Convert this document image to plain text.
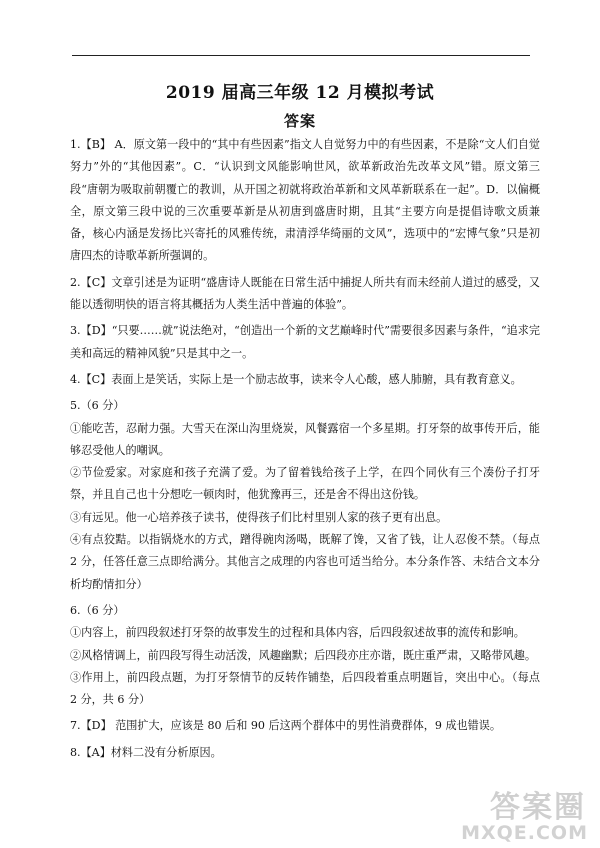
2019 届高三年级 12 月模拟考试
答案

1.【B】 A．原文第一段中的“其中有些因素”指文人自觉努力中的有些因素，不是除“文人们自觉努力”外的“其他因素”。C．“认识到文风能影响世风，欲革新政治先改革文风”错。原文第三段“唐朝为吸取前朝覆亡的教训，从开国之初就将政治革新和文风革新联系在一起”。D．以偏概全，原文第三段中说的三次重要革新是从初唐到盛唐时期，且其“主要方向是提倡诗歌文质兼备，核心内涵是发扬比兴寄托的风雅传统，肃清浮华绮丽的文风”，选项中的“宏博气象”只是初唐四杰的诗歌革新所强调的。

2.【C】文章引述是为证明“盛唐诗人既能在日常生活中捕捉人所共有而未经前人道过的感受，又能以透彻明快的语言将其概括为人类生活中普遍的体验”。

3.【D】“只要……就”说法绝对，“创造出一个新的文艺巅峰时代”需要很多因素与条件，“追求完美和高远的精神风貌”只是其中之一。

4.【C】表面上是笑话，实际上是一个励志故事，读来令人心酸，感人肺腑，具有教育意义。

5.（6 分）

①能吃苦，忍耐力强。大雪天在深山沟里烧炭，风餐露宿一个多星期。打牙祭的故事传开后，能够忍受他人的嘲讽。

②节俭爱家。对家庭和孩子充满了爱。为了留着钱给孩子上学，在四个同伙有三个凑份子打牙祭，并且自己也十分想吃一顿肉时，他犹豫再三，还是舍不得出这份钱。

③有远见。他一心培养孩子读书，使得孩子们比村里别人家的孩子更有出息。

④有点狡黠。以指锅烧水的方式，蹭得碗肉汤喝，既解了馋，又省了钱，让人忍俊不禁。（每点 2 分，任答任意三点即给满分。其他言之成理的内容也可适当给分。本分条作答、未结合文本分析均酌情扣分）

6.（6 分）

①内容上，前四段叙述打牙祭的故事发生的过程和具体内容，后四段叙述故事的流传和影响。

②风格情调上，前四段写得生动活泼，风趣幽默；后四段亦庄亦谐，既庄重严肃，又略带风趣。

③作用上，前四段点题，为打牙祭情节的反转作铺垫，后四段着重点明题旨，突出中心。（每点 2 分，共 6 分）

7.【D】 范围扩大，应该是 80 后和 90 后这两个群体中的男性消费群体，9 成也错误。

8.【A】材料二没有分析原因。

答案圈
MXQE.COM
